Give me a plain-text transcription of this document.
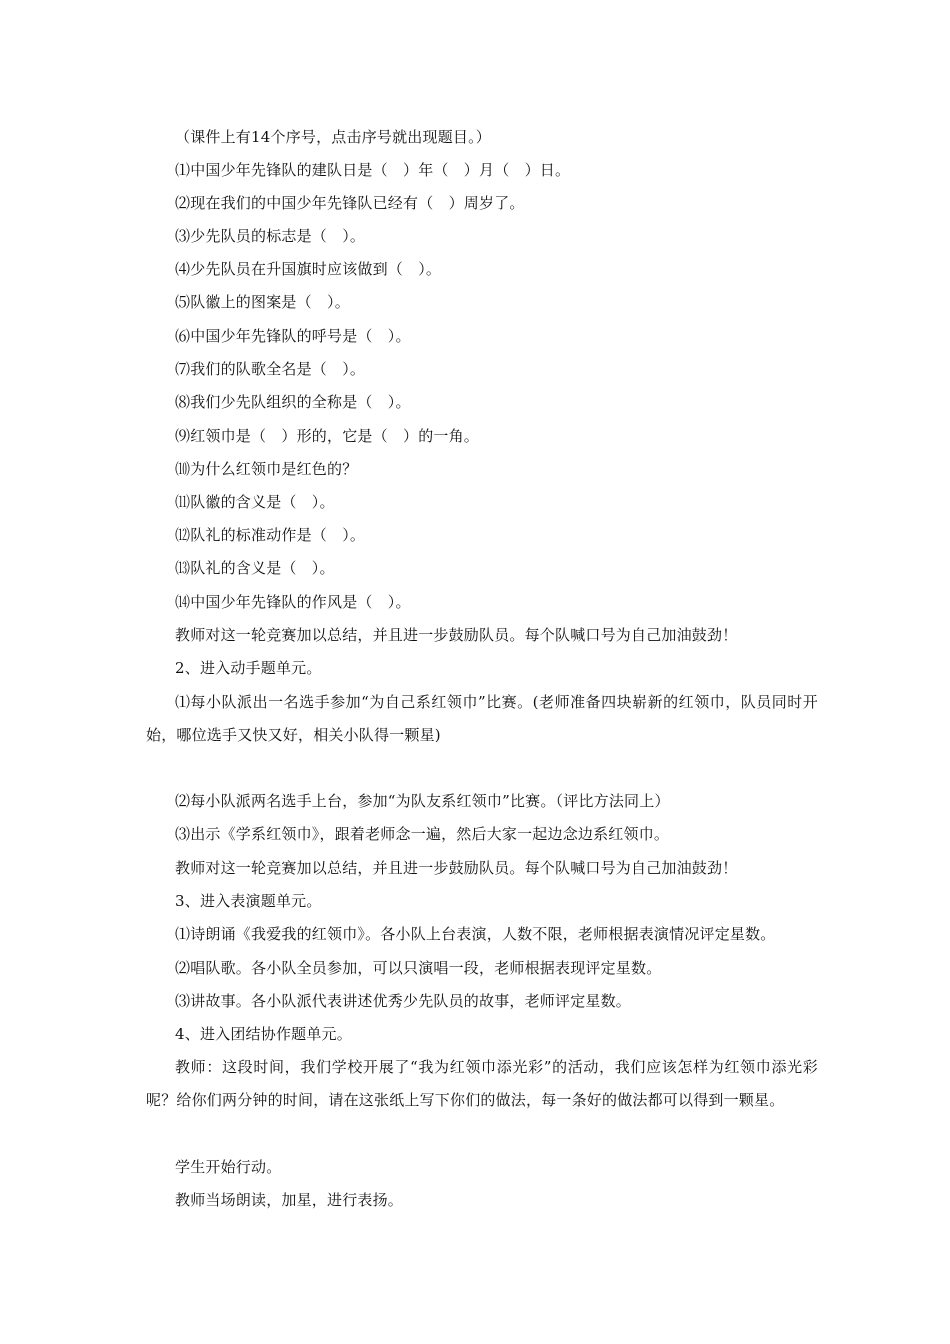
（课件上有14个序号，点击序号就出现题目。）
⑴中国少年先锋队的建队日是（　）年（　）月（　）日。
⑵现在我们的中国少年先锋队已经有（　）周岁了。
⑶少先队员的标志是（　）。
⑷少先队员在升国旗时应该做到（　）。
⑸队徽上的图案是（　）。
⑹中国少年先锋队的呼号是（　）。
⑺我们的队歌全名是（　）。
⑻我们少先队组织的全称是（　）。
⑼红领巾是（　）形的，它是（　）的一角。
⑽为什么红领巾是红色的？
⑾队徽的含义是（　）。
⑿队礼的标准动作是（　）。
⒀队礼的含义是（　）。
⒁中国少年先锋队的作风是（　）。
教师对这一轮竞赛加以总结，并且进一步鼓励队员。每个队喊口号为自己加油鼓劲！
2、进入动手题单元。
⑴每小队派出一名选手参加“为自己系红领巾”比赛。(老师准备四块崭新的红领巾，队员同时开始，哪位选手又快又好，相关小队得一颗星)
⑵每小队派两名选手上台，参加“为队友系红领巾”比赛。（评比方法同上）
⑶出示《学系红领巾》，跟着老师念一遍，然后大家一起边念边系红领巾。
教师对这一轮竞赛加以总结，并且进一步鼓励队员。每个队喊口号为自己加油鼓劲！
3、进入表演题单元。
⑴诗朗诵《我爱我的红领巾》。各小队上台表演，人数不限，老师根据表演情况评定星数。
⑵唱队歌。各小队全员参加，可以只演唱一段，老师根据表现评定星数。
⑶讲故事。各小队派代表讲述优秀少先队员的故事，老师评定星数。
4、进入团结协作题单元。
教师：这段时间，我们学校开展了“我为红领巾添光彩”的活动，我们应该怎样为红领巾添光彩呢？给你们两分钟的时间，请在这张纸上写下你们的做法，每一条好的做法都可以得到一颗星。
学生开始行动。
教师当场朗读，加星，进行表扬。
